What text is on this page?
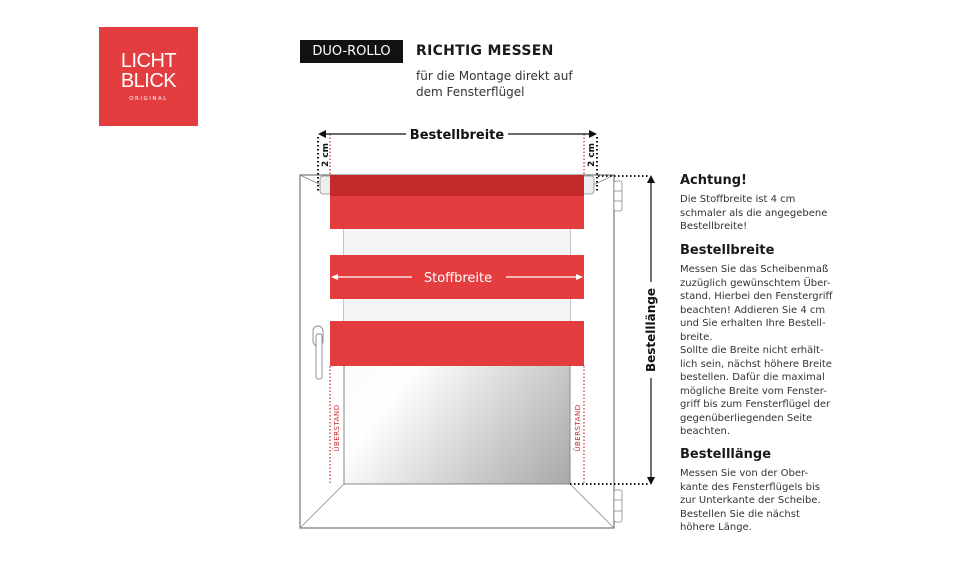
LICHT
BLICK
ORIGINAL
DUO-ROLLO	RICHTIG MESSEN
für die Montage direkt auf
dem Fensterflügel
Stoffbreite
ÜBERSTAND	ÜBERSTAND
Bestellbreite
2 cm	2 cm
Bestelllänge
Achtung!

Die Stoffbreite ist 4 cm
schmaler als die angegebene
Bestellbreite!

Bestellbreite

Messen Sie das Scheibenmaß
zuzüglich gewünschtem Über-
stand. Hierbei den Fenstergriff
beachten! Addieren Sie 4 cm
und Sie erhalten Ihre Bestell-
breite.
Sollte die Breite nicht erhält-
lich sein, nächst höhere Breite
bestellen. Dafür die maximal
mögliche Breite vom Fenster-
griff bis zum Fensterflügel der
gegenüberliegenden Seite
beachten.

Bestelllänge

Messen Sie von der Ober-
kante des Fensterflügels bis
zur Unterkante der Scheibe.
Bestellen Sie die nächst
höhere Länge.
